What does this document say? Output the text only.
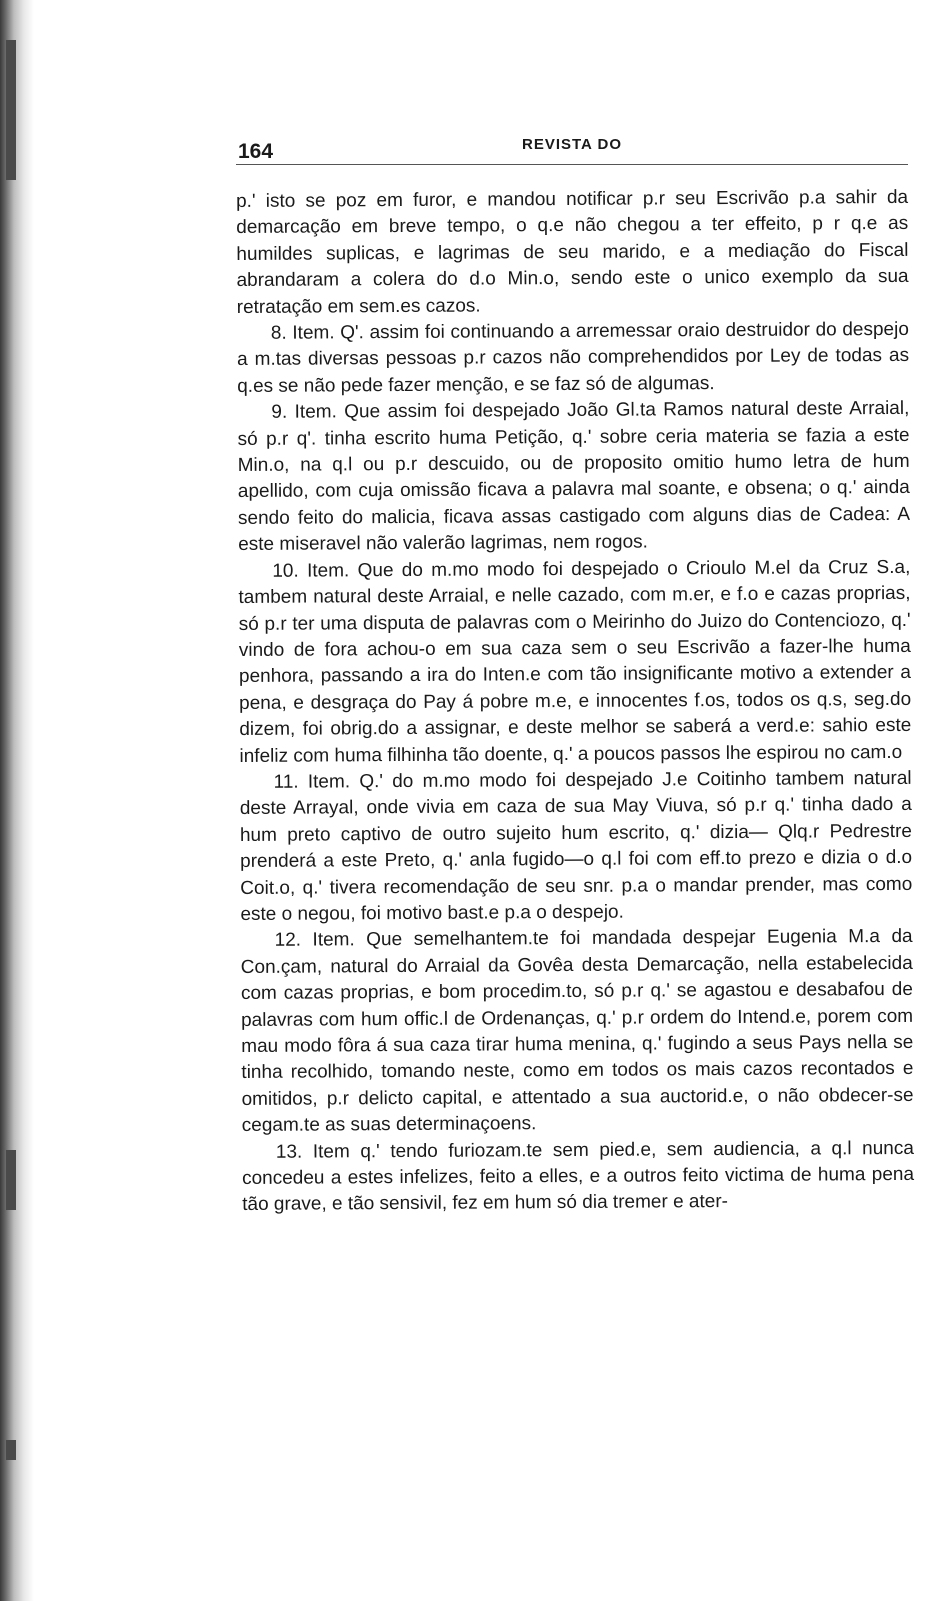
164	REVISTA DO

p.' isto se poz em furor, e mandou notificar p.r seu Escrivão p.a sahir da demarcação em breve tempo, o q.e não chegou a ter effeito, p r q.e as humildes suplicas, e lagrimas de seu marido, e a mediação do Fiscal abrandaram a colera do d.o Min.o, sendo este o unico exemplo da sua retratação em sem.es cazos.

8. Item. Q'. assim foi continuando a arremessar oraio destruidor do despejo a m.tas diversas pessoas p.r cazos não comprehendidos por Ley de todas as q.es se não pede fazer menção, e se faz só de algumas.

9. Item. Que assim foi despejado João Gl.ta Ramos natural deste Arraial, só p.r q'. tinha escrito huma Petição, q.' sobre ceria materia se fazia a este Min.o, na q.l ou p.r descuido, ou de proposito omitio humo letra de hum apellido, com cuja omissão ficava a palavra mal soante, e obsena; o q.' ainda sendo feito do malicia, ficava assas castigado com alguns dias de Cadea: A este miseravel não valerão lagrimas, nem rogos.

10. Item. Que do m.mo modo foi despejado o Crioulo M.el da Cruz S.a, tambem natural deste Arraial, e nelle cazado, com m.er, e f.o e cazas proprias, só p.r ter uma disputa de palavras com o Meirinho do Juizo do Contenciozo, q.' vindo de fora achou-o em sua caza sem o seu Escrivão a fazer-lhe huma penhora, passando a ira do Inten.e com tão insignificante motivo a extender a pena, e desgraça do Pay á pobre m.e, e innocentes f.os, todos os q.s, seg.do dizem, foi obrig.do a assignar, e deste melhor se saberá a verd.e: sahio este infeliz com huma filhinha tão doente, q.' a poucos passos lhe espirou no cam.o

11. Item. Q.' do m.mo modo foi despejado J.e Coitinho tambem natural deste Arrayal, onde vivia em caza de sua May Viuva, só p.r q.' tinha dado a hum preto captivo de outro sujeito hum escrito, q.' dizia— Qlq.r Pedrestre prenderá a este Preto, q.' anla fugido—o q.l foi com eff.to prezo e dizia o d.o Coit.o, q.' tivera recomendação de seu snr. p.a o mandar prender, mas como este o negou, foi motivo bast.e p.a o despejo.

12. Item. Que semelhantem.te foi mandada despejar Eugenia M.a da Con.çam, natural do Arraial da Govêa desta Demarcação, nella estabelecida com cazas proprias, e bom procedim.to, só p.r q.' se agastou e desabafou de palavras com hum offic.l de Ordenanças, q.' p.r ordem do Intend.e, porem com mau modo fôra á sua caza tirar huma menina, q.' fugindo a seus Pays nella se tinha recolhido, tomando neste, como em todos os mais cazos recontados e omitidos, p.r delicto capital, e attentado a sua auctorid.e, o não obdecer-se cegam.te as suas determinaçoens.

13. Item q.' tendo furiozam.te sem pied.e, sem audiencia, a q.l nunca concedeu a estes infelizes, feito a elles, e a outros feito victima de huma pena tão grave, e tão sensivil, fez em hum só dia tremer e ater-
